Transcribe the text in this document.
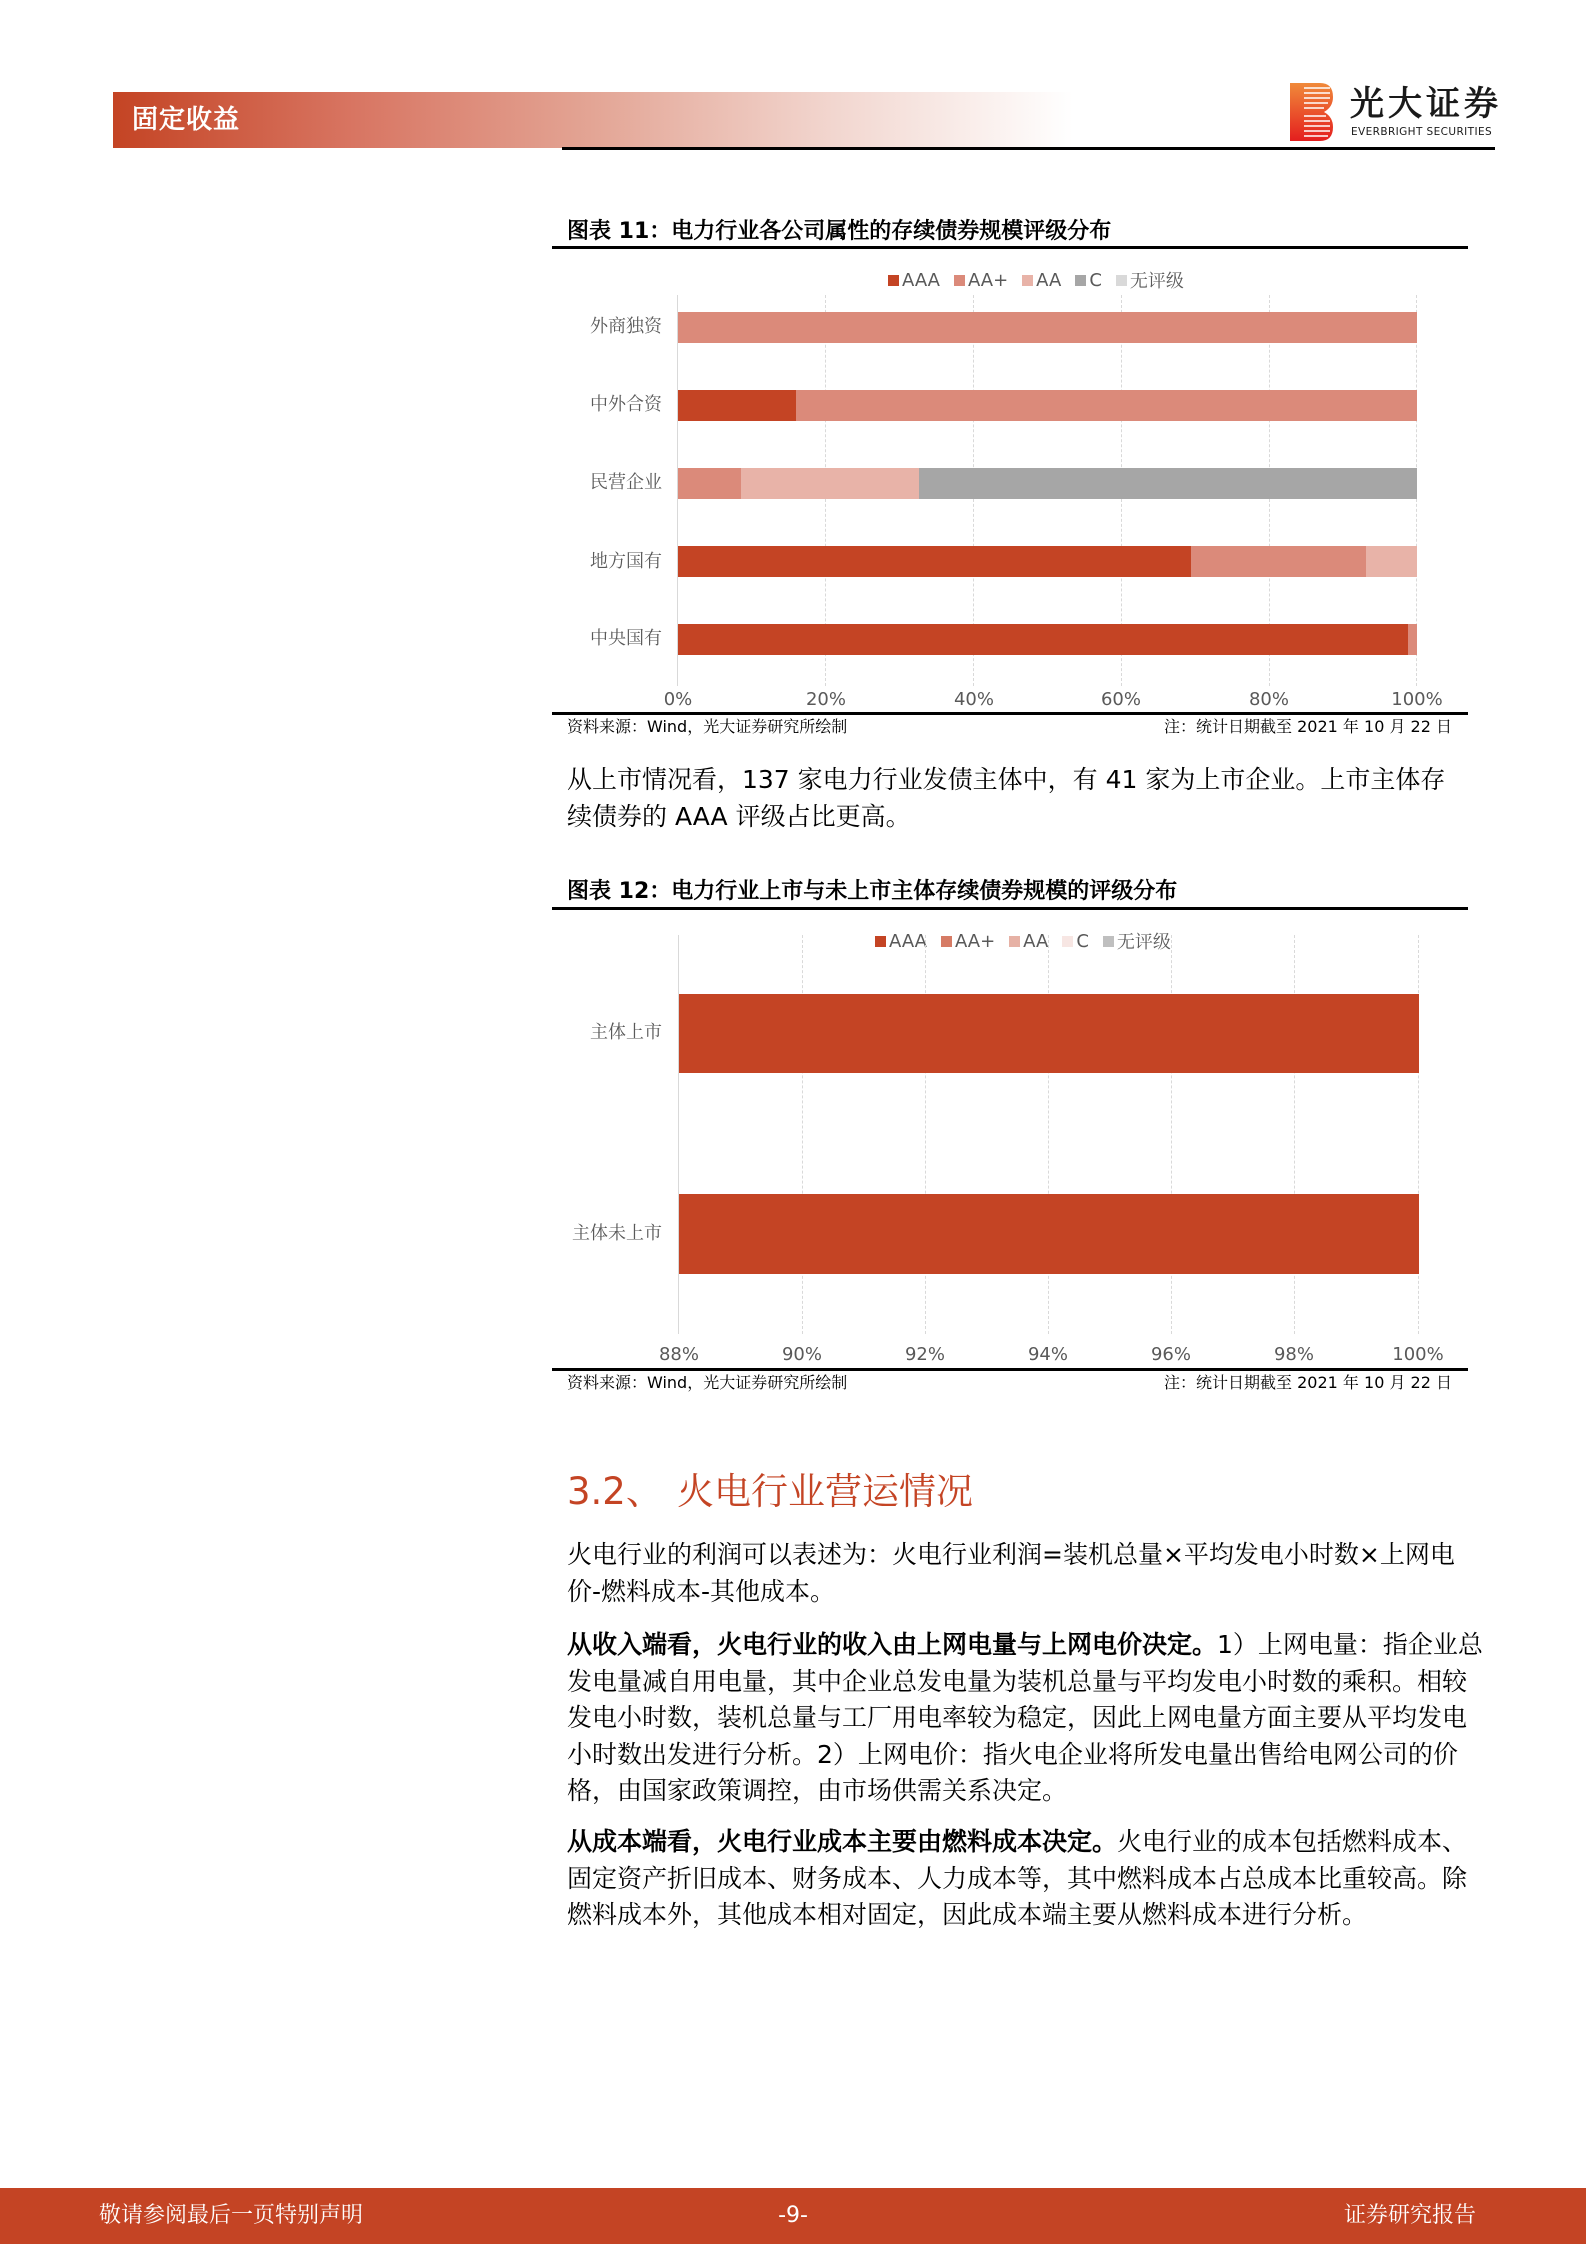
固定收益	光大证券
EVERBRIGHT SECURITIES
图表 11：电力行业各公司属性的存续债券规模评级分布
AAA AA+ AA C 无评级
外商独资
中外合资
民营企业
地方国有
中央国有
0%	20%	40%	60%	80%	100%
资料来源：Wind，光大证券研究所绘制	注：统计日期截至 2021 年 10 月 22 日

从上市情况看，137 家电力行业发债主体中，有 41 家为上市企业。上市主体存

续债券的 AAA 评级占比更高。

图表 12：电力行业上市与未上市主体存续债券规模的评级分布
AAA AA+ AA C 无评级
主体上市
主体未上市
88%	90%	92%	94%	96%	98%	100%
资料来源：Wind，光大证券研究所绘制	注：统计日期截至 2021 年 10 月 22 日
3.2、 火电行业营运情况

火电行业的利润可以表述为：火电行业利润=装机总量×平均发电小时数×上网电价-燃料成本-其他成本。

从收入端看，火电行业的收入由上网电量与上网电价决定。1）上网电量：指企业总发电量减自用电量，其中企业总发电量为装机总量与平均发电小时数的乘积。相较发电小时数，装机总量与工厂用电率较为稳定，因此上网电量方面主要从平均发电小时数出发进行分析。2）上网电价：指火电企业将所发电量出售给电网公司的价格，由国家政策调控，由市场供需关系决定。

从成本端看，火电行业成本主要由燃料成本决定。火电行业的成本包括燃料成本、固定资产折旧成本、财务成本、人力成本等，其中燃料成本占总成本比重较高。除燃料成本外，其他成本相对固定，因此成本端主要从燃料成本进行分析。

敬请参阅最后一页特别声明	-9-	证券研究报告
